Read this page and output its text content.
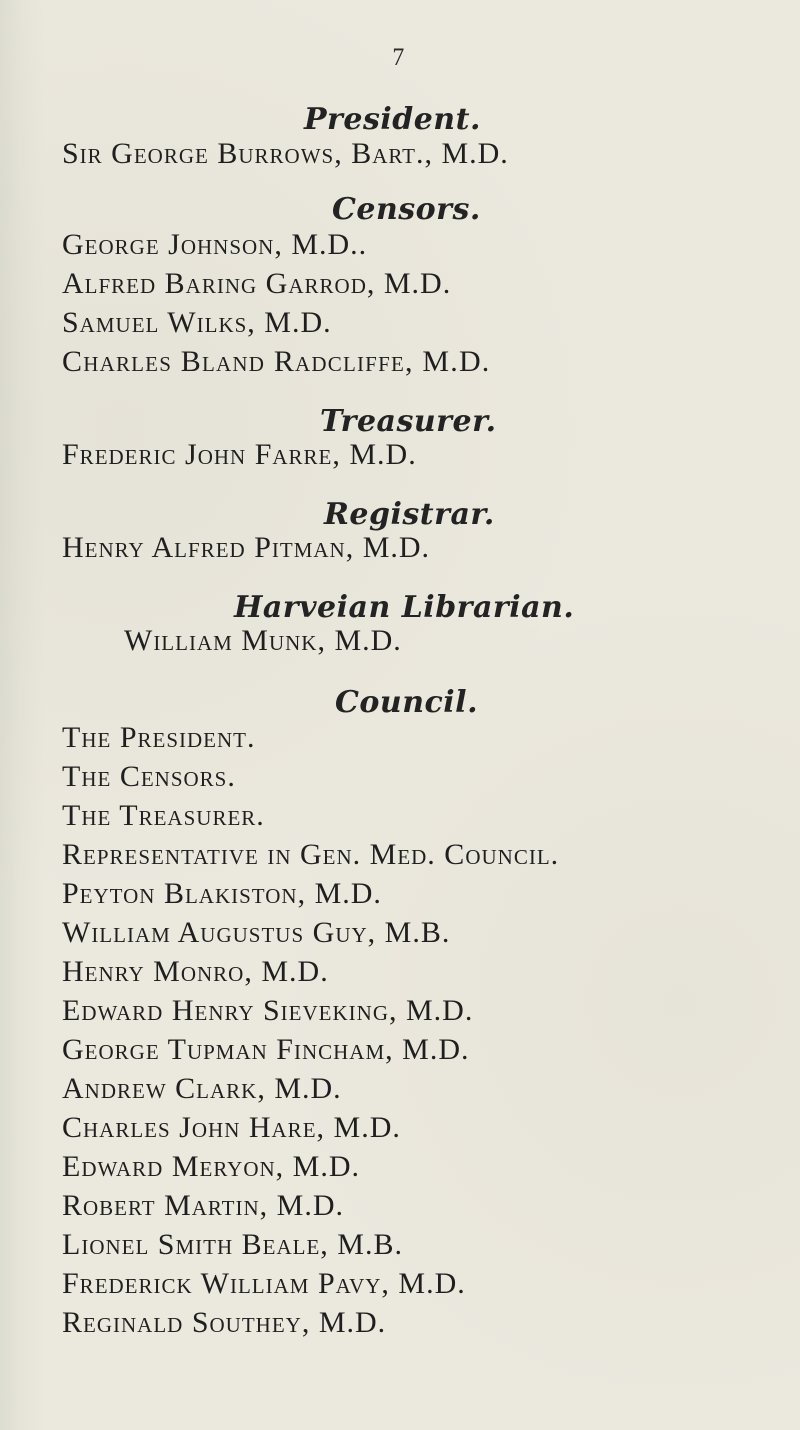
7
President.
Sir George Burrows, Bart., M.D.
Censors.
George Johnson, M.D..
Alfred Baring Garrod, M.D.
Samuel Wilks, M.D.
Charles Bland Radcliffe, M.D.
Treasurer.
Frederic John Farre, M.D.
Registrar.
Henry Alfred Pitman, M.D.
Harveian Librarian.
William Munk, M.D.
Council.
The President.
The Censors.
The Treasurer.
Representative in Gen. Med. Council.
Peyton Blakiston, M.D.
William Augustus Guy, M.B.
Henry Monro, M.D.
Edward Henry Sieveking, M.D.
George Tupman Fincham, M.D.
Andrew Clark, M.D.
Charles John Hare, M.D.
Edward Meryon, M.D.
Robert Martin, M.D.
Lionel Smith Beale, M.B.
Frederick William Pavy, M.D.
Reginald Southey, M.D.
